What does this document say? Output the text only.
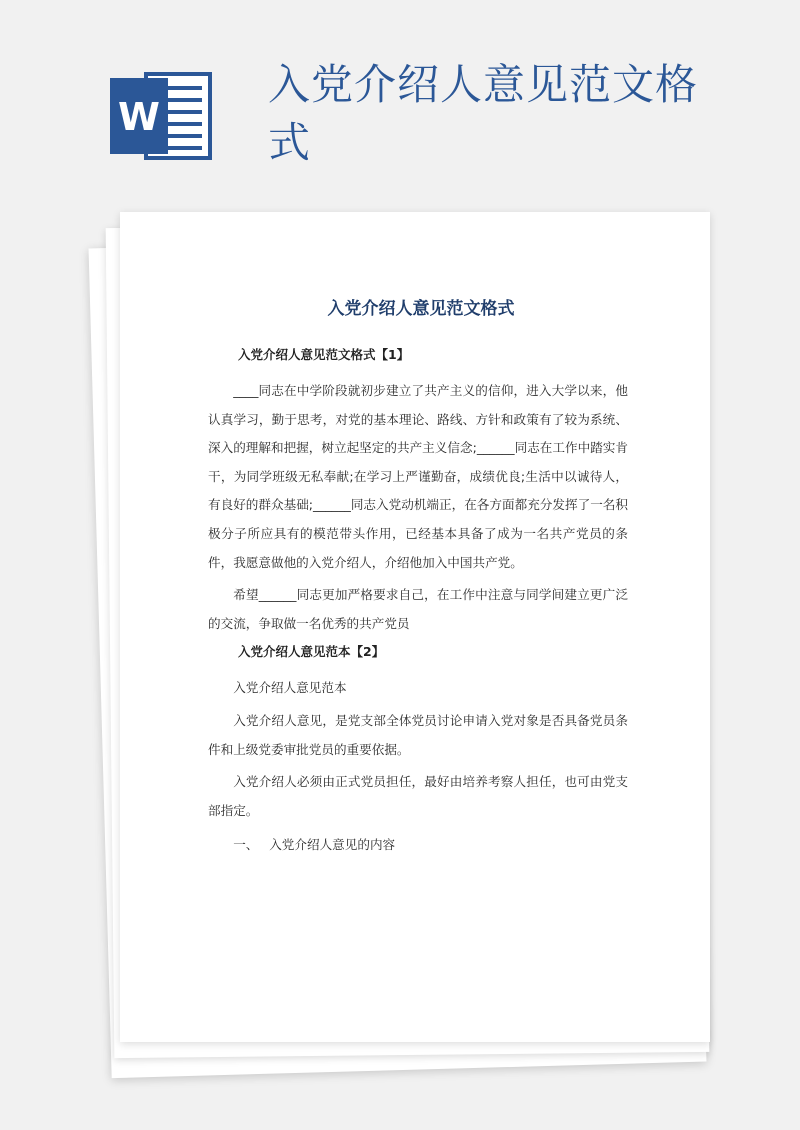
W
入党介绍人意见范文格式
入党介绍人意见范文格式
入党介绍人意见范文格式【1】

____同志在中学阶段就初步建立了共产主义的信仰，进入大学以来，他认真学习，勤于思考，对党的基本理论、路线、方针和政策有了较为系统、深入的理解和把握，树立起坚定的共产主义信念;______同志在工作中踏实肯干，为同学班级无私奉献;在学习上严谨勤奋，成绩优良;生活中以诚待人，有良好的群众基础;______同志入党动机端正，在各方面都充分发挥了一名积极分子所应具有的模范带头作用，已经基本具备了成为一名共产党员的条件，我愿意做他的入党介绍人，介绍他加入中国共产党。

希望______同志更加严格要求自己，在工作中注意与同学间建立更广泛的交流，争取做一名优秀的共产党员

入党介绍人意见范本【2】

入党介绍人意见范本

入党介绍人意见，是党支部全体党员讨论申请入党对象是否具备党员条件和上级党委审批党员的重要依据。

入党介绍人必须由正式党员担任，最好由培养考察人担任，也可由党支部指定。

一、 入党介绍人意见的内容
